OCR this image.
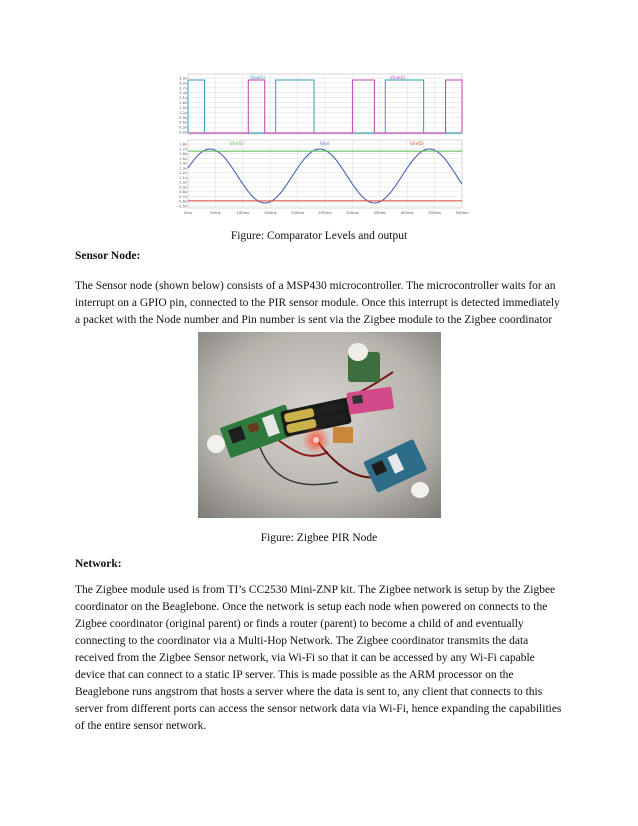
3.3v
3.0v
2.7v
2.4v
2.1v
1.8v
1.5v
1.2v
0.9v
0.6v
0.3v
0.0v
V(out1)	V(out2)
1.8v
1.7v
1.6v
1.5v
1.4v
1.3v
1.2v
1.1v
1.0v
0.9v
0.8v
0.7v
0.6v
0.5v
0ms	50ms	100ms	150ms	200ms	250ms	300ms	350ms	400ms	450ms	500ms
V(ref1)	V(in)	V(ref2)
Figure: Comparator Levels and output
Sensor Node:
The Sensor node (shown below) consists of a MSP430 microcontroller. The microcontroller waits for an
interrupt on a GPIO pin, connected to the PIR sensor module. Once this interrupt is detected immediately
a packet with the Node number and Pin number is sent via the Zigbee module to the Zigbee coordinator
Figure: Zigbee PIR Node
Network:
The Zigbee module used is from TI’s CC2530 Mini-ZNP kit. The Zigbee network is setup by the Zigbee
coordinator on the Beaglebone. Once the network is setup each node when powered on connects to the
Zigbee coordinator (original parent) or finds a router (parent) to become a child of and eventually
connecting to the coordinator via a Multi-Hop Network. The Zigbee coordinator transmits the data
received from the Zigbee Sensor network, via Wi-Fi so that it can be accessed by any Wi-Fi capable
device that can connect to a static IP server. This is made possible as the ARM processor on the
Beaglebone runs angstrom that hosts a server where the data is sent to, any client that connects to this
server from different ports can access the sensor network data via Wi-Fi, hence expanding the capabilities
of the entire sensor network.
